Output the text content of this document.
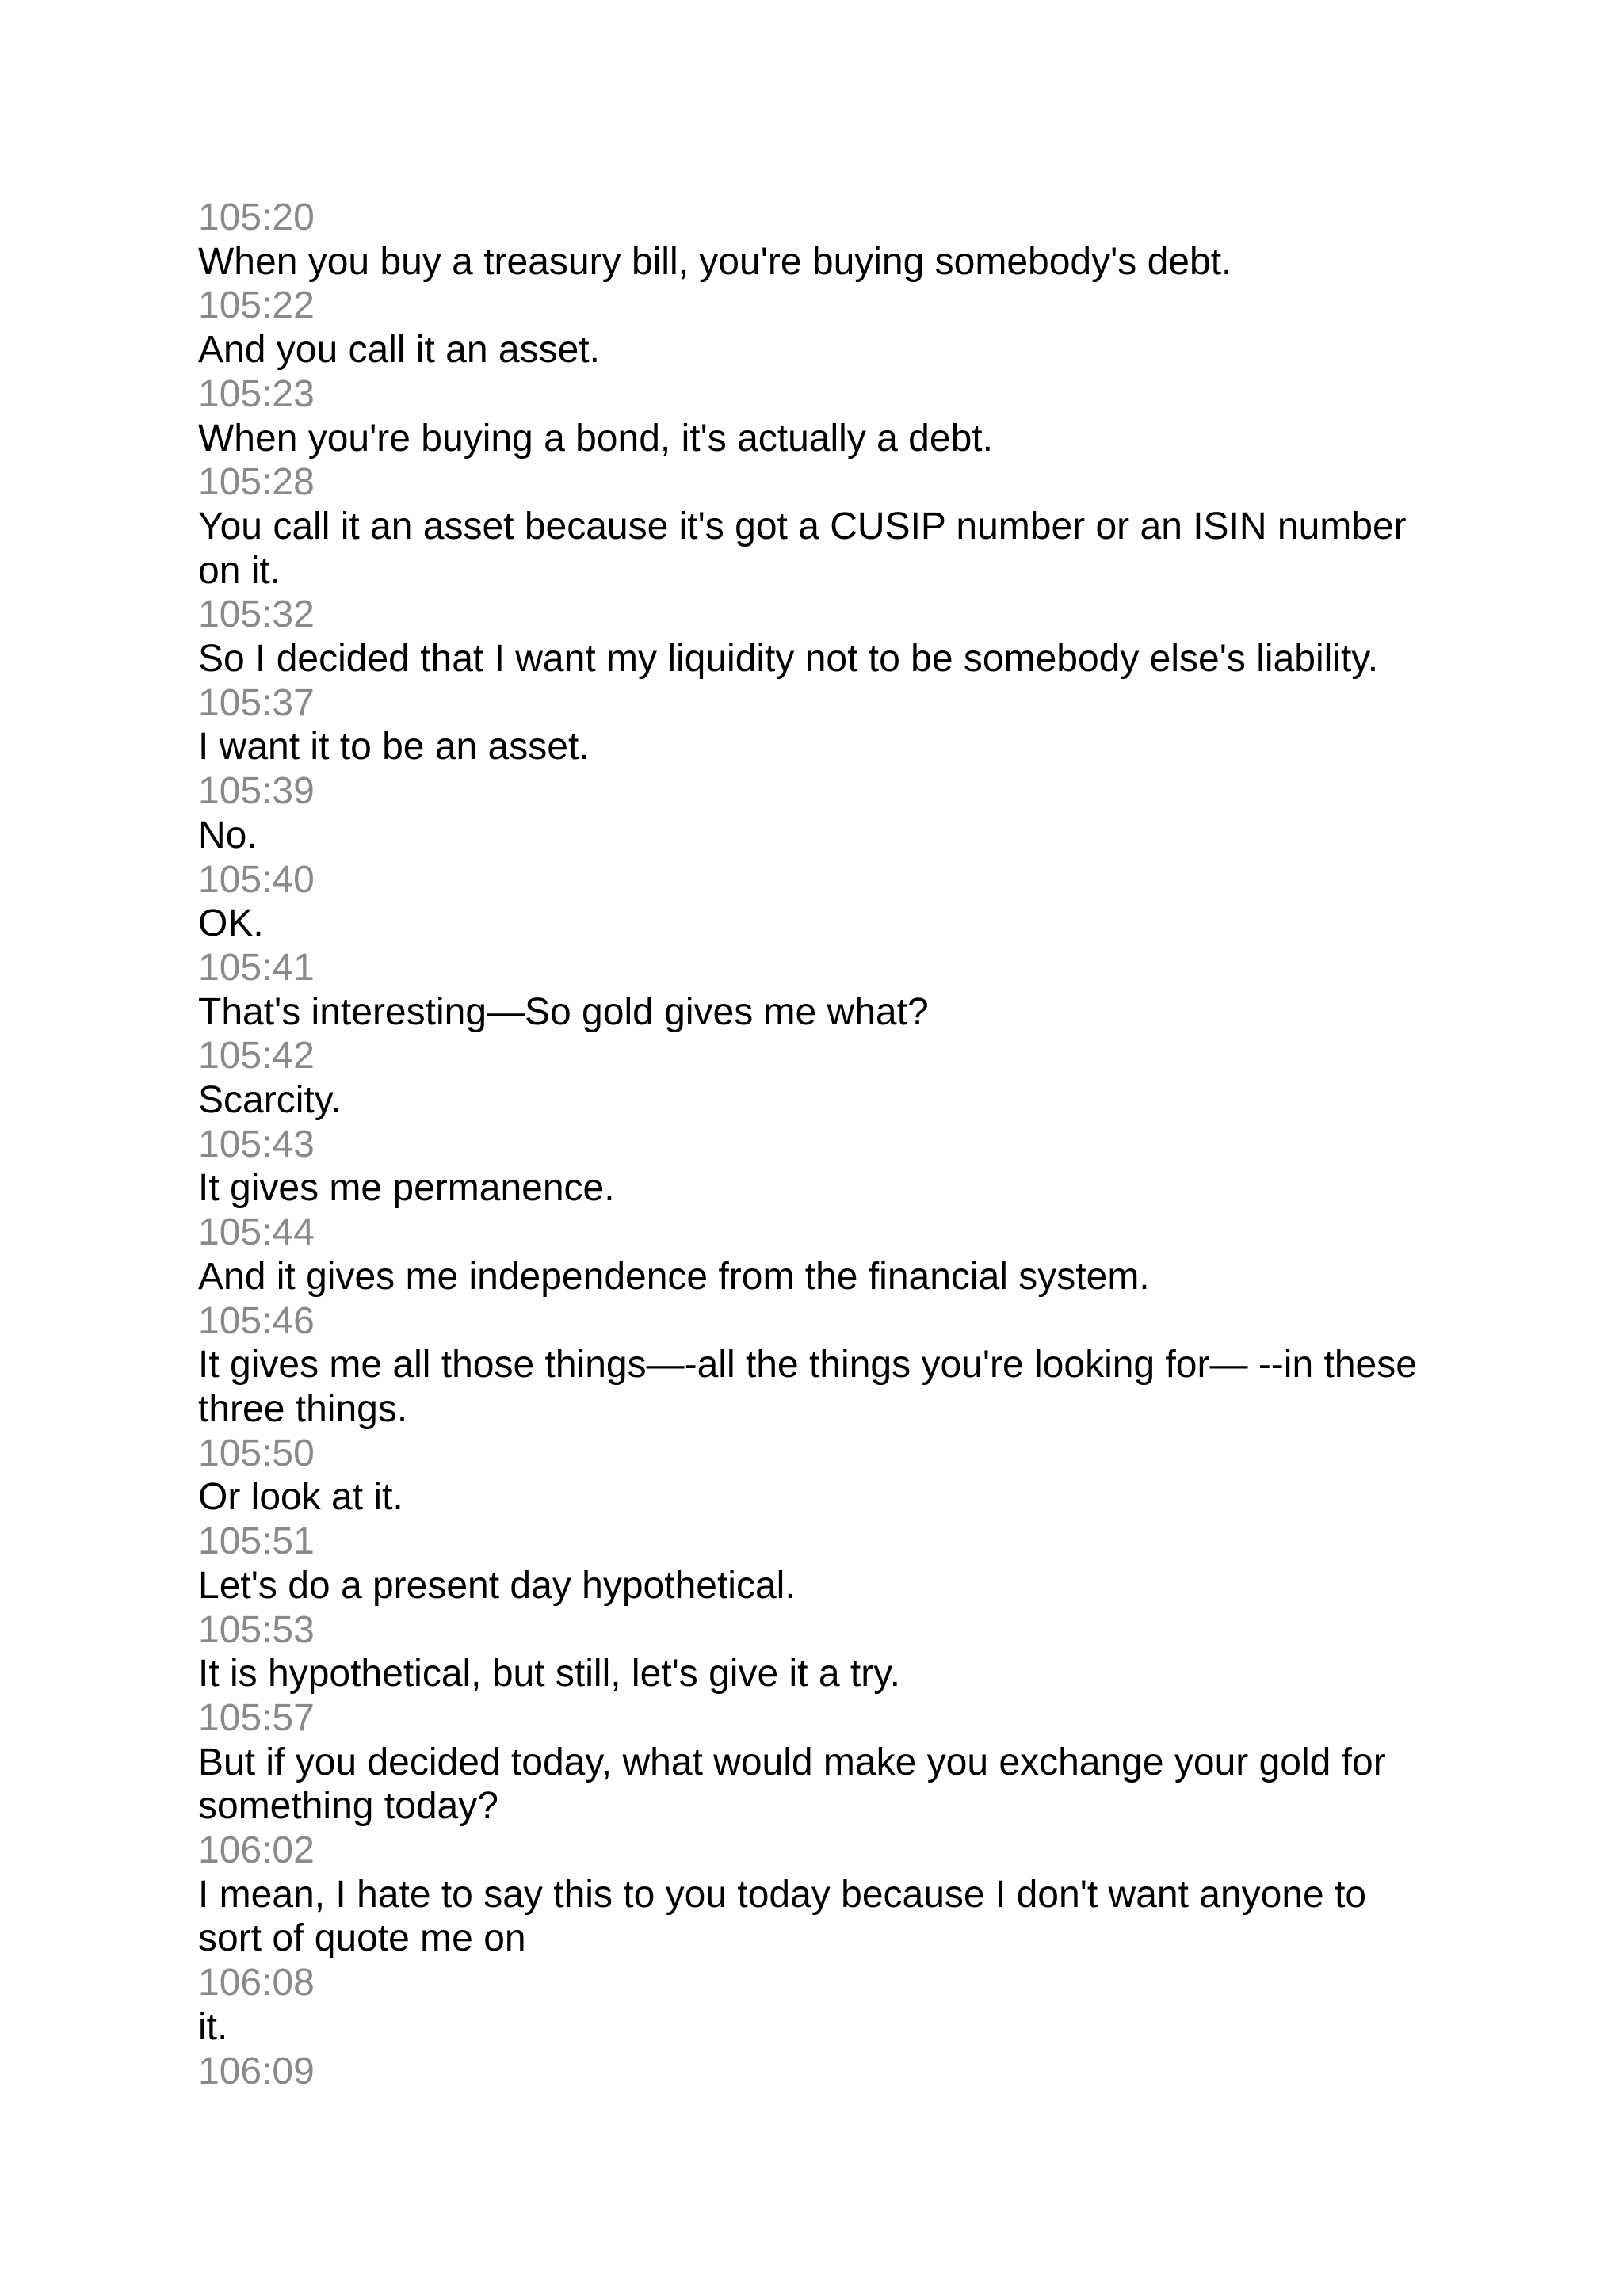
105:20
When you buy a treasury bill, you're buying somebody's debt.
105:22
And you call it an asset.
105:23
When you're buying a bond, it's actually a debt.
105:28
You call it an asset because it's got a CUSIP number or an ISIN number on it.
105:32
So I decided that I want my liquidity not to be somebody else's liability.
105:37
I want it to be an asset.
105:39
No.
105:40
OK.
105:41
That's interesting—So gold gives me what?
105:42
Scarcity.
105:43
It gives me permanence.
105:44
And it gives me independence from the financial system.
105:46
It gives me all those things—-all the things you're looking for— --in these three things.
105:50
Or look at it.
105:51
Let's do a present day hypothetical.
105:53
It is hypothetical, but still, let's give it a try.
105:57
But if you decided today, what would make you exchange your gold for something today?
106:02
I mean, I hate to say this to you today because I don't want anyone to sort of quote me on
106:08
it.
106:09
